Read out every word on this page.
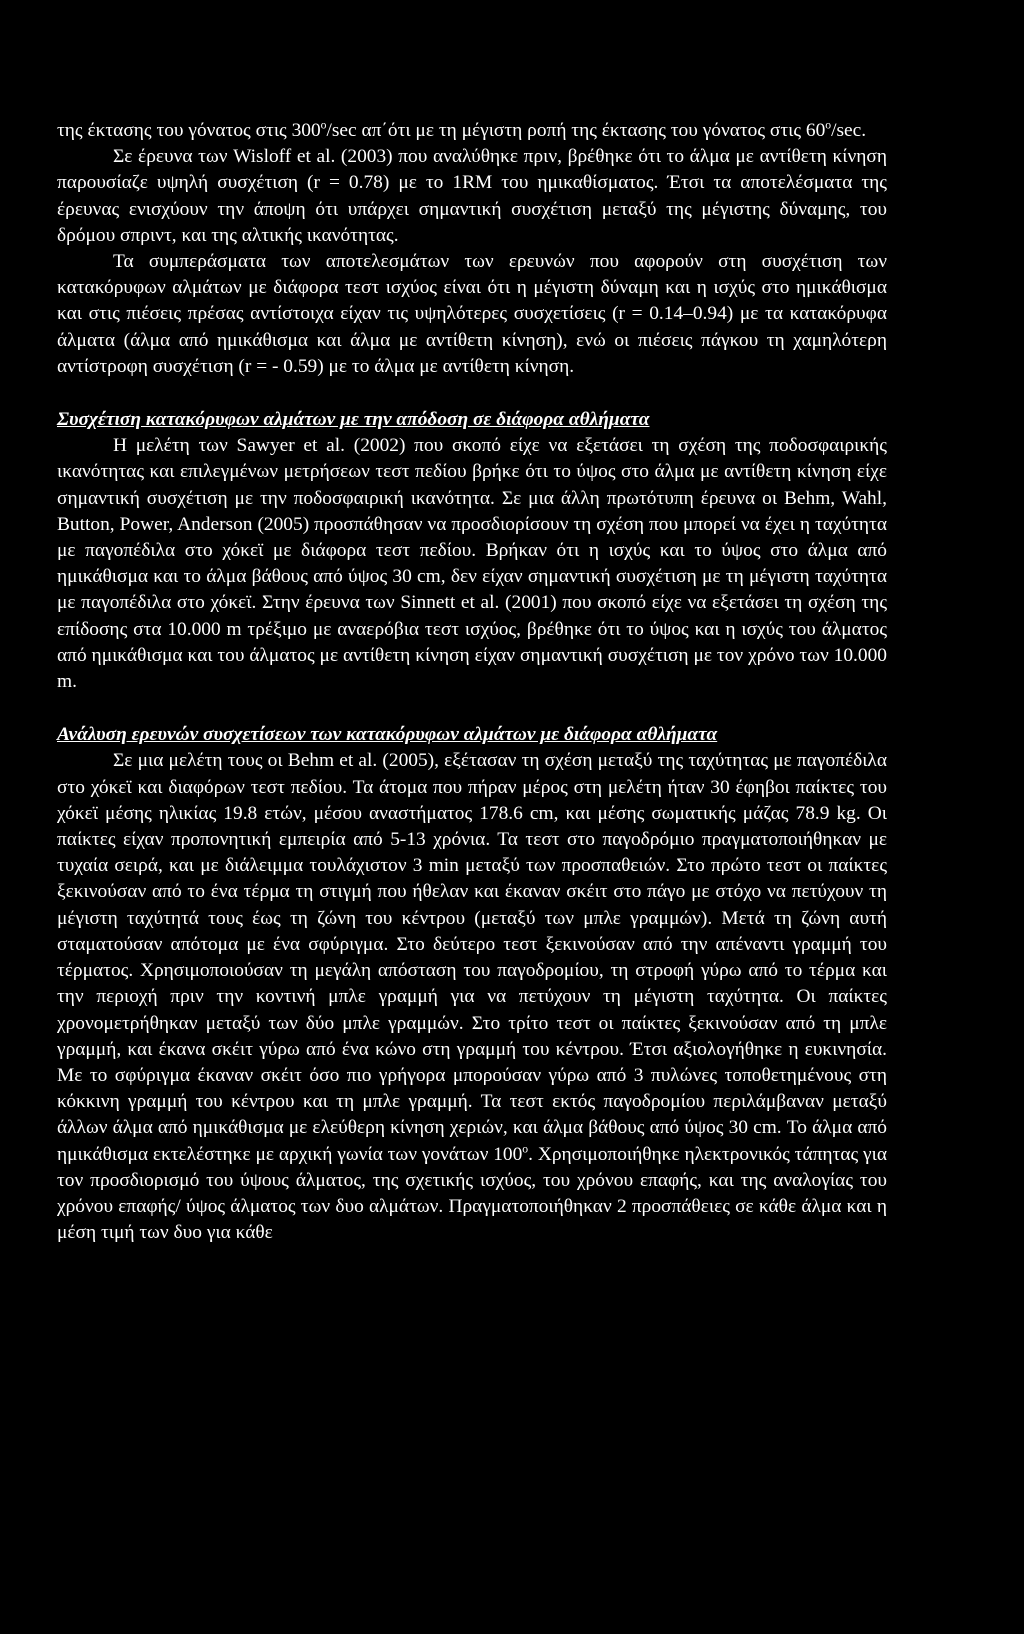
της έκτασης του γόνατος στις $300^o/\sec$ απ΄ότι με τη μέγιστη ροπή της έκτασης του γόνατος στις $60^o/\sec$.

Σε έρευνα των Wisloff et al. (2003) που αναλύθηκε πριν, βρέθηκε ότι το άλμα με αντίθετη κίνηση παρουσίαζε υψηλή συσχέτιση (r = 0.78) με το 1RM του ημικαθίσματος. Έτσι τα αποτελέσματα της έρευνας ενισχύουν την άποψη ότι υπάρχει σημαντική συσχέτιση μεταξύ της μέγιστης δύναμης, του δρόμου σπριντ, και της αλτικής ικανότητας.

Τα συμπεράσματα των αποτελεσμάτων των ερευνών που αφορούν στη συσχέτιση των κατακόρυφων αλμάτων με διάφορα τεστ ισχύος είναι ότι η μέγιστη δύναμη και η ισχύς στο ημικάθισμα και στις πιέσεις πρέσας αντίστοιχα είχαν τις υψηλότερες συσχετίσεις (r = 0.14–0.94) με τα κατακόρυφα άλματα (άλμα από ημικάθισμα και άλμα με αντίθετη κίνηση), ενώ οι πιέσεις πάγκου τη χαμηλότερη αντίστροφη συσχέτιση (r = - 0.59) με το άλμα με αντίθετη κίνηση.

Συσχέτιση κατακόρυφων αλμάτων με την απόδοση σε διάφορα αθλήματα

Η μελέτη των Sawyer et al. (2002) που σκοπό είχε να εξετάσει τη σχέση της ποδοσφαιρικής ικανότητας και επιλεγμένων μετρήσεων τεστ πεδίου βρήκε ότι το ύψος στο άλμα με αντίθετη κίνηση είχε σημαντική συσχέτιση με την ποδοσφαιρική ικανότητα. Σε μια άλλη πρωτότυπη έρευνα οι Behm, Wahl, Button, Power, Anderson (2005) προσπάθησαν να προσδιορίσουν τη σχέση που μπορεί να έχει η ταχύτητα με παγοπέδιλα στο χόκεϊ με διάφορα τεστ πεδίου. Βρήκαν ότι η ισχύς και το ύψος στο άλμα από ημικάθισμα και το άλμα βάθους από ύψος 30 cm, δεν είχαν σημαντική συσχέτιση με τη μέγιστη ταχύτητα με παγοπέδιλα στο χόκεϊ. Στην έρευνα των Sinnett et al. (2001) που σκοπό είχε να εξετάσει τη σχέση της επίδοσης στα 10.000 m τρέξιμο με αναερόβια τεστ ισχύος, βρέθηκε ότι το ύψος και η ισχύς του άλματος από ημικάθισμα και του άλματος με αντίθετη κίνηση είχαν σημαντική συσχέτιση με τον χρόνο των 10.000 m.

Ανάλυση ερευνών συσχετίσεων των κατακόρυφων αλμάτων με διάφορα αθλήματα

Σε μια μελέτη τους οι Behm et al. (2005), εξέτασαν τη σχέση μεταξύ της ταχύτητας με παγοπέδιλα στο χόκεϊ και διαφόρων τεστ πεδίου. Τα άτομα που πήραν μέρος στη μελέτη ήταν 30 έφηβοι παίκτες του χόκεϊ μέσης ηλικίας 19.8 ετών, μέσου αναστήματος 178.6 cm, και μέσης σωματικής μάζας 78.9 kg. Οι παίκτες είχαν προπονητική εμπειρία από 5-13 χρόνια. Τα τεστ στο παγοδρόμιο πραγματοποιήθηκαν με τυχαία σειρά, και με διάλειμμα τουλάχιστον 3 min μεταξύ των προσπαθειών. Στο πρώτο τεστ οι παίκτες ξεκινούσαν από το ένα τέρμα τη στιγμή που ήθελαν και έκαναν σκέιτ στο πάγο με στόχο να πετύχουν τη μέγιστη ταχύτητά τους έως τη ζώνη του κέντρου (μεταξύ των μπλε γραμμών). Μετά τη ζώνη αυτή σταματούσαν απότομα με ένα σφύριγμα. Στο δεύτερο τεστ ξεκινούσαν από την απέναντι γραμμή του τέρματος. Χρησιμοποιούσαν τη μεγάλη απόσταση του παγοδρομίου, τη στροφή γύρω από το τέρμα και την περιοχή πριν την κοντινή μπλε γραμμή για να πετύχουν τη μέγιστη ταχύτητα. Οι παίκτες χρονομετρήθηκαν μεταξύ των δύο μπλε γραμμών. Στο τρίτο τεστ οι παίκτες ξεκινούσαν από τη μπλε γραμμή, και έκανα σκέιτ γύρω από ένα κώνο στη γραμμή του κέντρου. Έτσι αξιολογήθηκε η ευκινησία. Με το σφύριγμα έκαναν σκέιτ όσο πιο γρήγορα μπορούσαν γύρω από 3 πυλώνες τοποθετημένους στη κόκκινη γραμμή του κέντρου και τη μπλε γραμμή. Τα τεστ εκτός παγοδρομίου περιλάμβαναν μεταξύ άλλων άλμα από ημικάθισμα με ελεύθερη κίνηση χεριών, και άλμα βάθους από ύψος 30 cm. Το άλμα από ημικάθισμα εκτελέστηκε με αρχική γωνία των γονάτων $100^o$. Χρησιμοποιήθηκε ηλεκτρονικός τάπητας για τον προσδιορισμό του ύψους άλματος, της σχετικής ισχύος, του χρόνου επαφής, και της αναλογίας του χρόνου επαφής/ ύψος άλματος των δυο αλμάτων. Πραγματοποιήθηκαν 2 προσπάθειες σε κάθε άλμα και η μέση τιμή των δυο για κάθε
